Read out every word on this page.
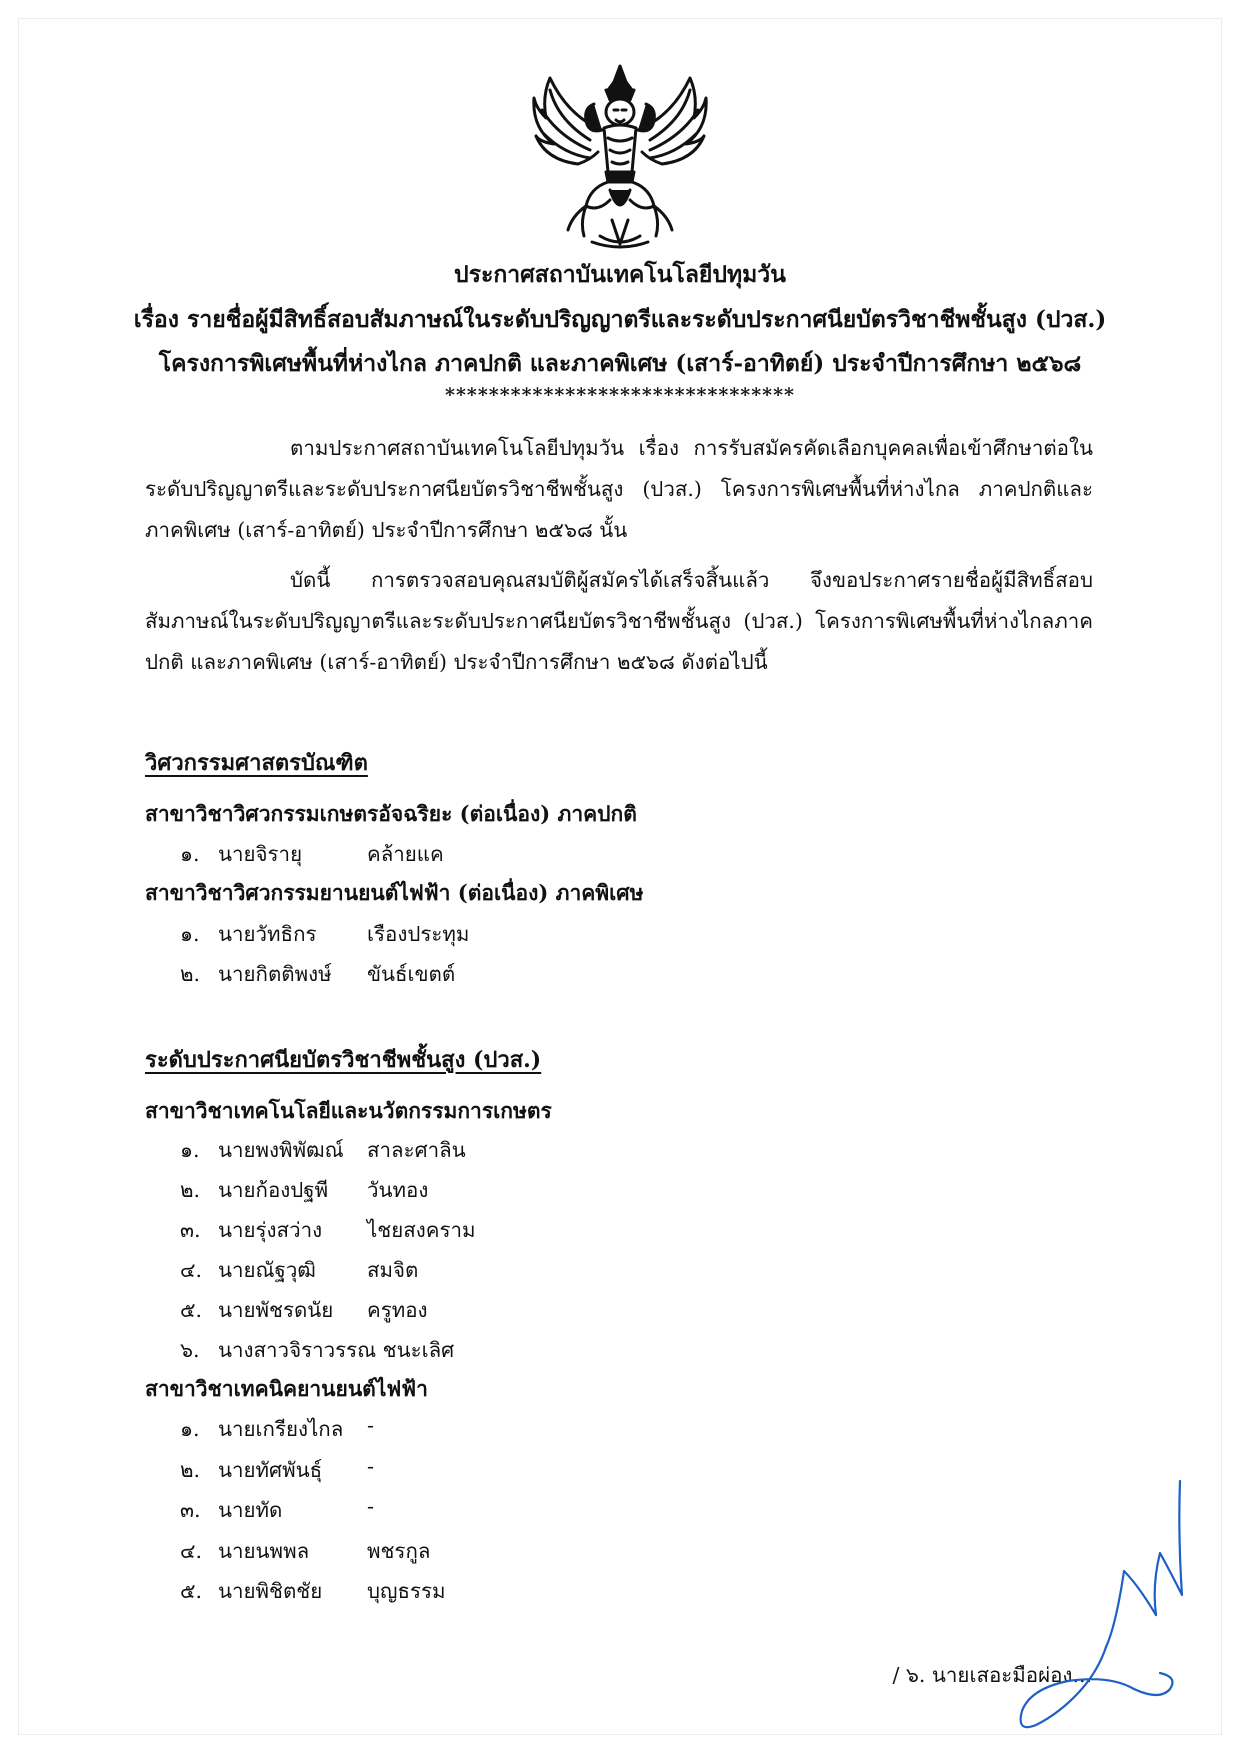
ประกาศสถาบันเทคโนโลยีปทุมวัน
เรื่อง รายชื่อผู้มีสิทธิ์สอบสัมภาษณ์ในระดับปริญญาตรีและระดับประกาศนียบัตรวิชาชีพชั้นสูง (ปวส.)
โครงการพิเศษพื้นที่ห่างไกล ภาคปกติ และภาคพิเศษ (เสาร์-อาทิตย์) ประจำปีการศึกษา ๒๕๖๘
********************************
ตามประกาศสถาบันเทคโนโลยีปทุมวัน เรื่อง การรับสมัครคัดเลือกบุคคลเพื่อเข้าศึกษาต่อในระดับปริญญาตรีและระดับประกาศนียบัตรวิชาชีพชั้นสูง (ปวส.) โครงการพิเศษพื้นที่ห่างไกล ภาคปกติและภาคพิเศษ (เสาร์-อาทิตย์) ประจำปีการศึกษา ๒๕๖๘ นั้น
บัดนี้ การตรวจสอบคุณสมบัติผู้สมัครได้เสร็จสิ้นแล้ว จึงขอประกาศรายชื่อผู้มีสิทธิ์สอบสัมภาษณ์ในระดับปริญญาตรีและระดับประกาศนียบัตรวิชาชีพชั้นสูง (ปวส.) โครงการพิเศษพื้นที่ห่างไกลภาคปกติ และภาคพิเศษ (เสาร์-อาทิตย์) ประจำปีการศึกษา ๒๕๖๘ ดังต่อไปนี้
วิศวกรรมศาสตรบัณฑิต
สาขาวิชาวิศวกรรมเกษตรอัจฉริยะ (ต่อเนื่อง) ภาคปกติ
๑. นายจิรายุ	คล้ายแค
สาขาวิชาวิศวกรรมยานยนต์ไฟฟ้า (ต่อเนื่อง) ภาคพิเศษ
๑. นายวัทธิกร เรืองประทุม
๒. นายกิตติพงษ์ ขันธ์เขตต์
ระดับประกาศนียบัตรวิชาชีพชั้นสูง (ปวส.)
สาขาวิชาเทคโนโลยีและนวัตกรรมการเกษตร
๑. นายพงพิพัฒณ์ สาละศาลิน
๒. นายก้องปฐพี วันทอง
๓. นายรุ่งสว่าง ไชยสงคราม
๔. นายณัฐวุฒิ สมจิต
๕. นายพัชรดนัย ครูทอง
๖. นางสาวจิราวรรณ ชนะเลิศ
สาขาวิชาเทคนิคยานยนต์ไฟฟ้า
๑. นายเกรียงไกล -
๒. นายทัศพันธุ์ -
๓. นายทัด	-
๔. นายนพพล	พชรกูล
๕. นายพิชิตชัย บุญธรรม
/ ๖. นายเสอะมือผ่อง...
